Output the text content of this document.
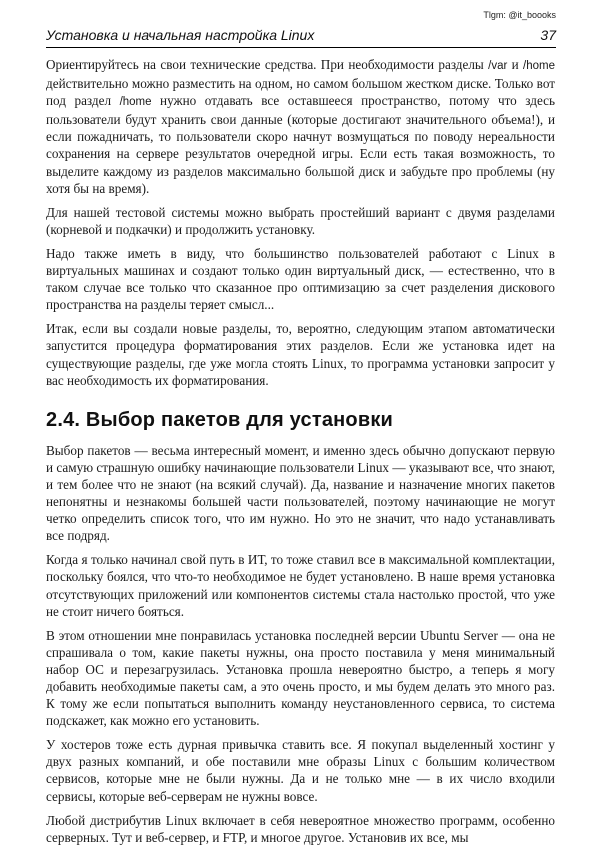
Tlgm: @it_boooks
Установка и начальная настройка Linux	37

Ориентируйтесь на свои технические средства. При необходимости разделы /var и /home действительно можно разместить на одном, но самом большом жестком диске. Только вот под раздел /home нужно отдавать все оставшееся пространство, потому что здесь пользователи будут хранить свои данные (которые достигают значительного объема!), и если пожадничать, то пользователи скоро начнут возмущаться по поводу нереальности сохранения на сервере результатов очередной игры. Если есть такая возможность, то выделите каждому из разделов максимально большой диск и забудьте про проблемы (ну хотя бы на время).

Для нашей тестовой системы можно выбрать простейший вариант с двумя разделами (корневой и подкачки) и продолжить установку.

Надо также иметь в виду, что большинство пользователей работают с Linux в виртуальных машинах и создают только один виртуальный диск, — естественно, что в таком случае все только что сказанное про оптимизацию за счет разделения дискового пространства на разделы теряет смысл...

Итак, если вы создали новые разделы, то, вероятно, следующим этапом автоматически запустится процедура форматирования этих разделов. Если же установка идет на существующие разделы, где уже могла стоять Linux, то программа установки запросит у вас необходимость их форматирования.

2.4. Выбор пакетов для установки

Выбор пакетов — весьма интересный момент, и именно здесь обычно допускают первую и самую страшную ошибку начинающие пользователи Linux — указывают все, что знают, и тем более что не знают (на всякий случай). Да, название и назначение многих пакетов непонятны и незнакомы большей части пользователей, поэтому начинающие не могут четко определить список того, что им нужно. Но это не значит, что надо устанавливать все подряд.

Когда я только начинал свой путь в ИТ, то тоже ставил все в максимальной комплектации, поскольку боялся, что что-то необходимое не будет установлено. В наше время установка отсутствующих приложений или компонентов системы стала настолько простой, что уже не стоит ничего бояться.

В этом отношении мне понравилась установка последней версии Ubuntu Server — она не спрашивала о том, какие пакеты нужны, она просто поставила у меня минимальный набор ОС и перезагрузилась. Установка прошла невероятно быстро, а теперь я могу добавить необходимые пакеты сам, а это очень просто, и мы будем делать это много раз. К тому же если попытаться выполнить команду неустановленного сервиса, то система подскажет, как можно его установить.

У хостеров тоже есть дурная привычка ставить все. Я покупал выделенный хостинг у двух разных компаний, и обе поставили мне образы Linux с большим количеством сервисов, которые мне не были нужны. Да и не только мне — в их число входили сервисы, которые веб-серверам не нужны вовсе.

Любой дистрибутив Linux включает в себя невероятное множество программ, особенно серверных. Тут и веб-сервер, и FTP, и многое другое. Установив их все, мы
